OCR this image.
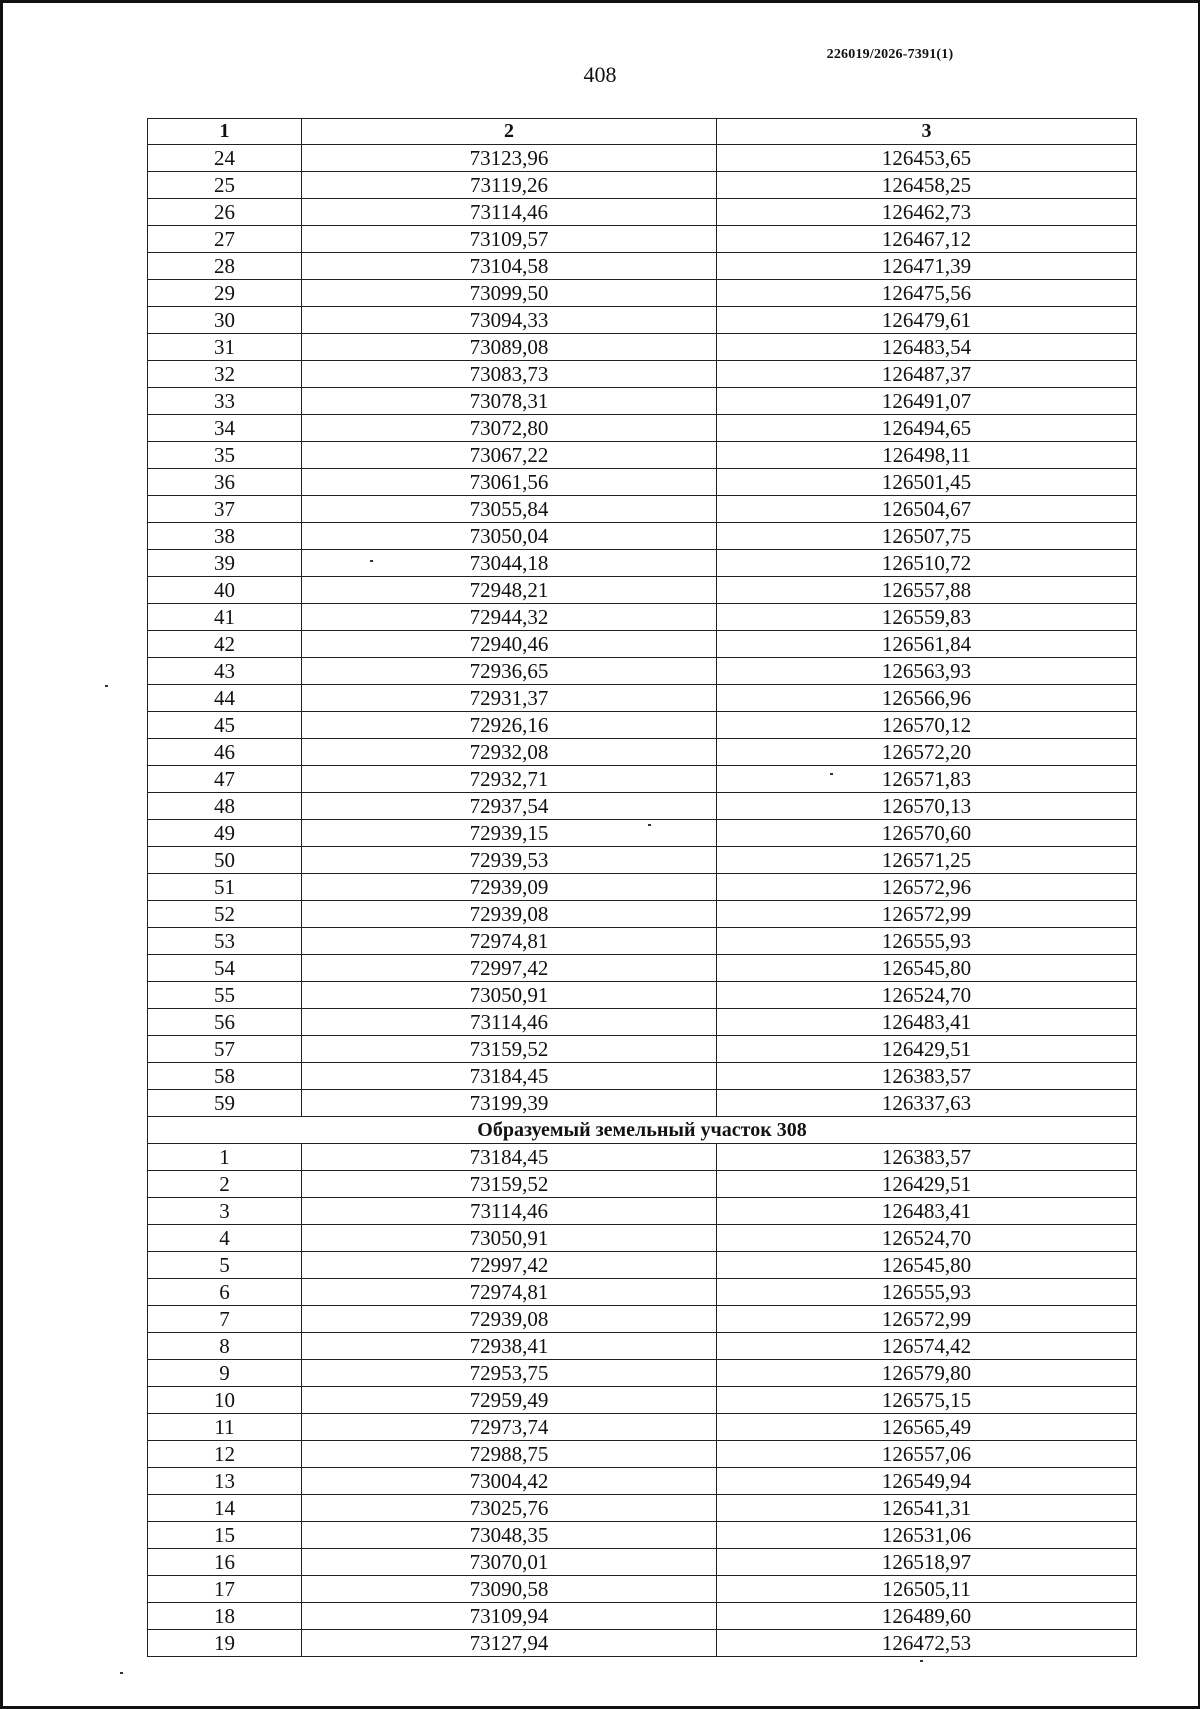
226019/2026-7391(1)
408
1	2	3
24	73123,96	126453,65
25	73119,26	126458,25
26	73114,46	126462,73
27	73109,57	126467,12
28	73104,58	126471,39
29	73099,50	126475,56
30	73094,33	126479,61
31	73089,08	126483,54
32	73083,73	126487,37
33	73078,31	126491,07
34	73072,80	126494,65
35	73067,22	126498,11
36	73061,56	126501,45
37	73055,84	126504,67
38	73050,04	126507,75
39	73044,18	126510,72
40	72948,21	126557,88
41	72944,32	126559,83
42	72940,46	126561,84
43	72936,65	126563,93
44	72931,37	126566,96
45	72926,16	126570,12
46	72932,08	126572,20
47	72932,71	126571,83
48	72937,54	126570,13
49	72939,15	126570,60
50	72939,53	126571,25
51	72939,09	126572,96
52	72939,08	126572,99
53	72974,81	126555,93
54	72997,42	126545,80
55	73050,91	126524,70
56	73114,46	126483,41
57	73159,52	126429,51
58	73184,45	126383,57
59	73199,39	126337,63
Образуемый земельный участок 308		
1	73184,45	126383,57
2	73159,52	126429,51
3	73114,46	126483,41
4	73050,91	126524,70
5	72997,42	126545,80
6	72974,81	126555,93
7	72939,08	126572,99
8	72938,41	126574,42
9	72953,75	126579,80
10	72959,49	126575,15
11	72973,74	126565,49
12	72988,75	126557,06
13	73004,42	126549,94
14	73025,76	126541,31
15	73048,35	126531,06
16	73070,01	126518,97
17	73090,58	126505,11
18	73109,94	126489,60
19	73127,94	126472,53
